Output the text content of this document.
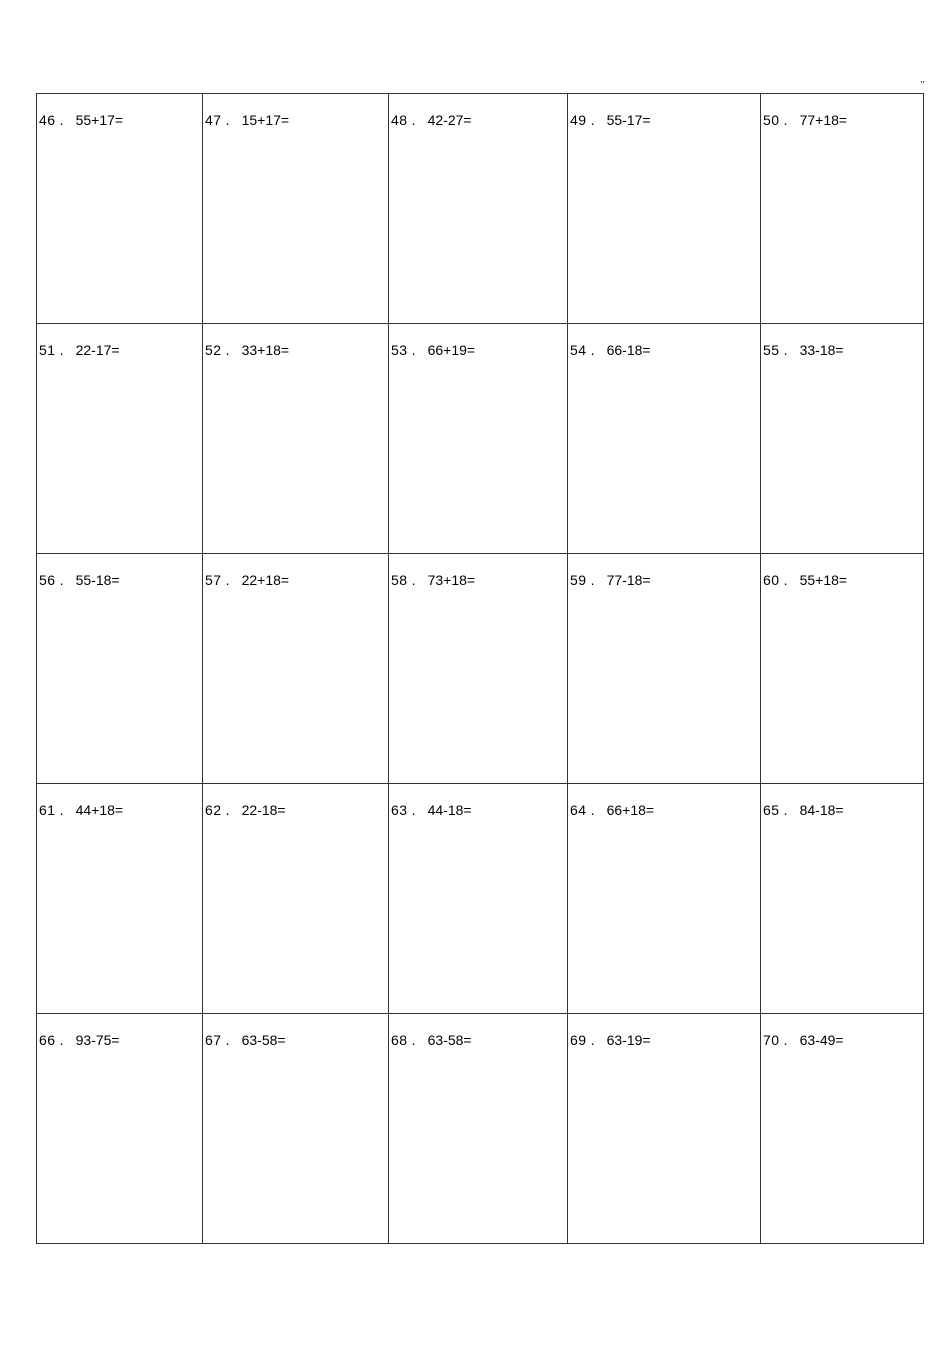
,,
46 . 55+17=	47 . 15+17=	48 . 42-27=	49 . 55-17=	50 . 77+18=

51 . 22-17=	52 . 33+18=	53 . 66+19=	54 . 66-18=	55 . 33-18=

56 . 55-18=	57 . 22+18=	58 . 73+18=	59 . 77-18=	60 . 55+18=

61 . 44+18=	62 . 22-18=	63 . 44-18=	64 . 66+18=	65 . 84-18=

66 . 93-75=	67 . 63-58=	68 . 63-58=	69 . 63-19=	70 . 63-49=
